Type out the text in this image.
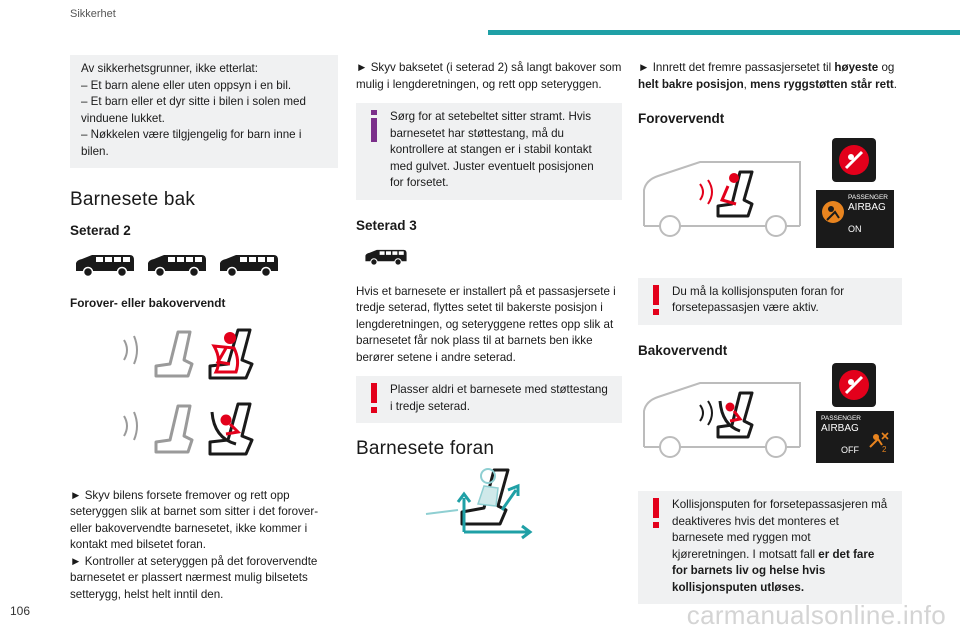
Sikkerhet

Av sikkerhetsgrunner, ikke etterlat:

– Et barn alene eller uten oppsyn i en bil.

– Et barn eller et dyr sitte i bilen i solen med vinduene lukket.

– Nøkkelen være tilgjengelig for barn inne i bilen.

Barnesete bak
Seterad 2
Forover- eller bakovervendt

► Skyv bilens forsete fremover og rett opp seteryggen slik at barnet som sitter i det forover- eller bakovervendte barnesetet, ikke kommer i kontakt med bilsetet foran.

► Kontroller at seteryggen på det forovervendte barnesetet er plassert nærmest mulig bilsetets setterygg, helst helt inntil den.

► Skyv baksetet (i seterad 2) så langt bakover som mulig i lengderetningen, og rett opp seteryggen.

Sørg for at setebeltet sitter stramt. Hvis barnesetet har støttestang, må du kontrollere at stangen er i stabil kontakt med gulvet. Juster eventuelt posisjonen for forsetet.

Seterad 3

Hvis et barnesete er installert på et passasjersete i tredje seterad, flyttes setet til bakerste posisjon i lengderetningen, og seteryggene rettes opp slik at barnesetet får nok plass til at barnets ben ikke berører setene i andre seterad.

Plasser aldri et barnesete med støttestang i tredje seterad.

Barnesete foran

► Innrett det fremre passasjersetet til høyeste og helt bakre posisjon, mens ryggstøtten står rett.

Forovervendt
PASSENGER
AIRBAG
ON

Du må la kollisjonsputen foran for forsetepassasjen være aktiv.

Bakovervendt
PASSENGER
AIRBAG
OFF	2

Kollisjonsputen for forsetepassasjeren må deaktiveres hvis det monteres et barnesete med ryggen mot kjøreretningen. I motsatt fall er det fare for barnets liv og helse hvis kollisjonsputen utløses.

106	carmanualsonline.info
